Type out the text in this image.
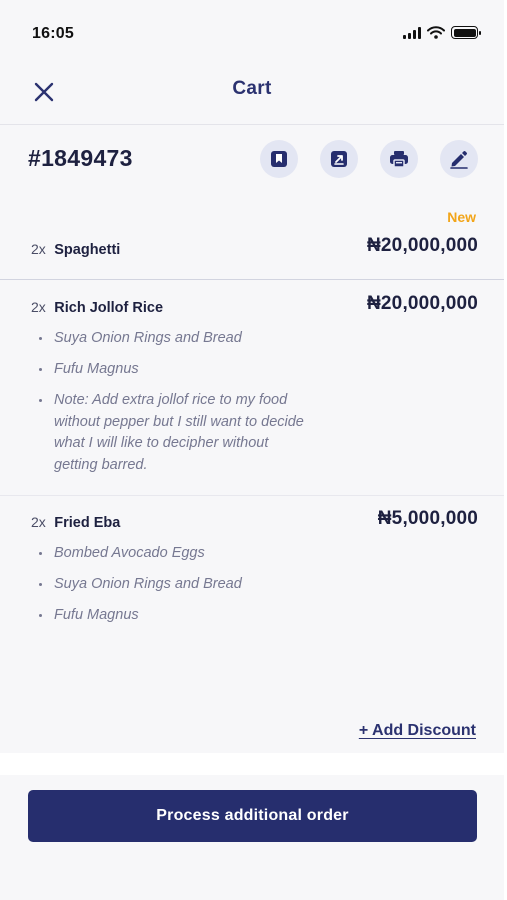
16:05
Cart
#1849473
New
2x Spaghetti	₦20,000,000
2x Rich Jollof Rice	₦20,000,000
Suya Onion Rings and Bread
Fufu Magnus
Note: Add extra jollof rice to my food without pepper but I still want to decide what I will like to decipher without getting barred.
2x Fried Eba	₦5,000,000
Bombed Avocado Eggs
Suya Onion Rings and Bread
Fufu Magnus
+ Add Discount
Process additional order
